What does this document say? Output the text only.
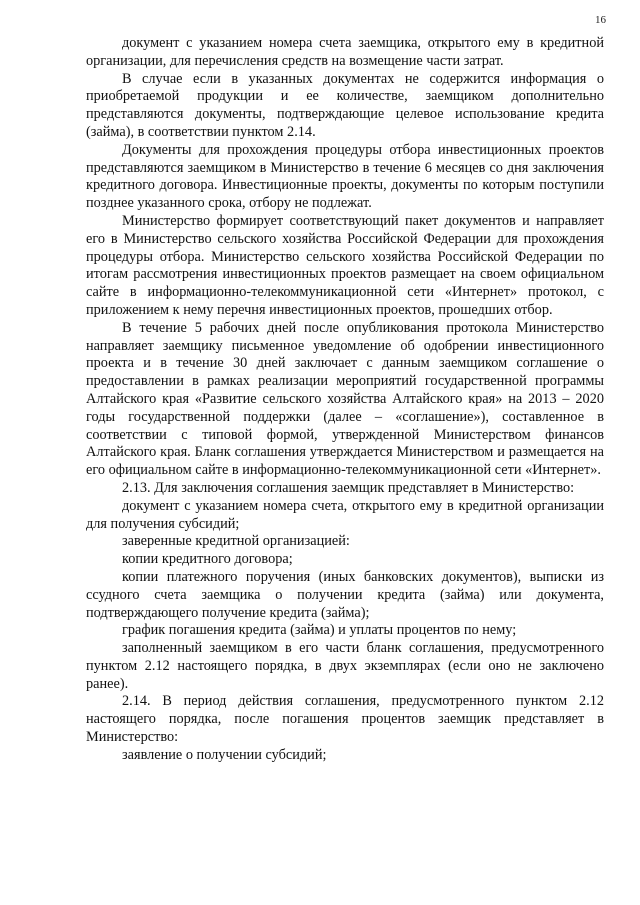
16

документ с указанием номера счета заемщика, открытого ему в кредитной организации, для перечисления средств на возмещение части затрат.

В случае если в указанных документах не содержится информация о приобретаемой продукции и ее количестве, заемщиком дополнительно представляются документы, подтверждающие целевое использование кредита (займа), в соответствии пунктом 2.14.

Документы для прохождения процедуры отбора инвестиционных проектов представляются заемщиком в Министерство в течение 6 месяцев со дня заключения кредитного договора. Инвестиционные проекты, документы по которым поступили позднее указанного срока, отбору не подлежат.

Министерство формирует соответствующий пакет документов и направляет его в Министерство сельского хозяйства Российской Федерации для прохождения процедуры отбора. Министерство сельского хозяйства Российской Федерации по итогам рассмотрения инвестиционных проектов размещает на своем официальном сайте в информационно-телекоммуникационной сети «Интернет» протокол, с приложением к нему перечня инвестиционных проектов, прошедших отбор.

В течение 5 рабочих дней после опубликования протокола Министерство направляет заемщику письменное уведомление об одобрении инвестиционного проекта и в течение 30 дней заключает с данным заемщиком соглашение о предоставлении в рамках реализации мероприятий государственной программы Алтайского края «Развитие сельского хозяйства Алтайского края» на 2013 – 2020 годы государственной поддержки (далее – «соглашение»), составленное в соответствии с типовой формой, утвержденной Министерством финансов Алтайского края. Бланк соглашения утверждается Министерством и размещается на его официальном сайте в информационно-телекоммуникационной сети «Интернет».

2.13. Для заключения соглашения заемщик представляет в Министерство:

документ с указанием номера счета, открытого ему в кредитной организации для получения субсидий;

заверенные кредитной организацией:

копии кредитного договора;

копии платежного поручения (иных банковских документов), выписки из ссудного счета заемщика о получении кредита (займа) или документа, подтверждающего получение кредита (займа);

график погашения кредита (займа) и уплаты процентов по нему;

заполненный заемщиком в его части бланк соглашения, предусмотренного пунктом 2.12 настоящего порядка, в двух экземплярах (если оно не заключено ранее).

2.14. В период действия соглашения, предусмотренного пунктом 2.12 настоящего порядка, после погашения процентов заемщик представляет в Министерство:

заявление о получении субсидий;
